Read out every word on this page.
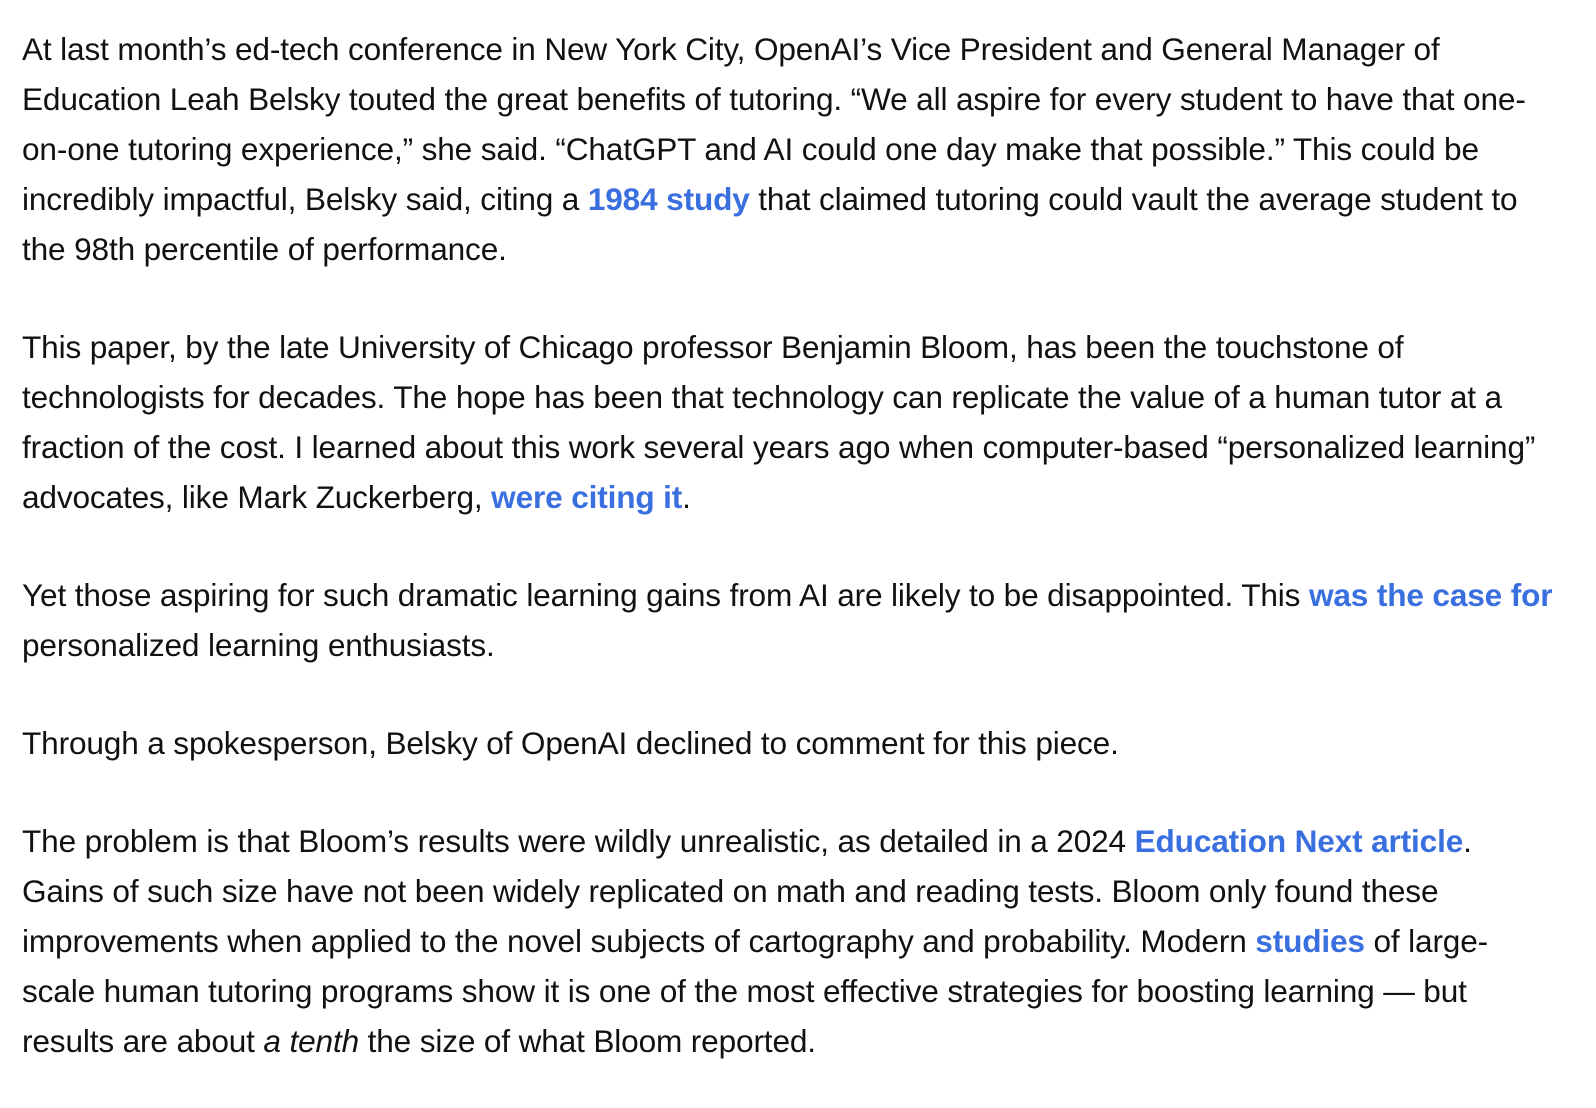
At last month’s ed-tech conference in New York City, OpenAI’s Vice President and General Manager of Education Leah Belsky touted the great benefits of tutoring. “We all aspire for every student to have that one-on-one tutoring experience,” she said. “ChatGPT and AI could one day make that possible.” This could be incredibly impactful, Belsky said, citing a 1984 study that claimed tutoring could vault the average student to the 98th percentile of performance.

This paper, by the late University of Chicago professor Benjamin Bloom, has been the touchstone of technologists for decades. The hope has been that technology can replicate the value of a human tutor at a fraction of the cost. I learned about this work several years ago when computer-based “personalized learning” advocates, like Mark Zuckerberg, were citing it.

Yet those aspiring for such dramatic learning gains from AI are likely to be disappointed. This was the case for personalized learning enthusiasts.

Through a spokesperson, Belsky of OpenAI declined to comment for this piece.

The problem is that Bloom’s results were wildly unrealistic, as detailed in a 2024 Education Next article. Gains of such size have not been widely replicated on math and reading tests. Bloom only found these improvements when applied to the novel subjects of cartography and probability. Modern studies of large-scale human tutoring programs show it is one of the most effective strategies for boosting learning — but results are about a tenth the size of what Bloom reported.
